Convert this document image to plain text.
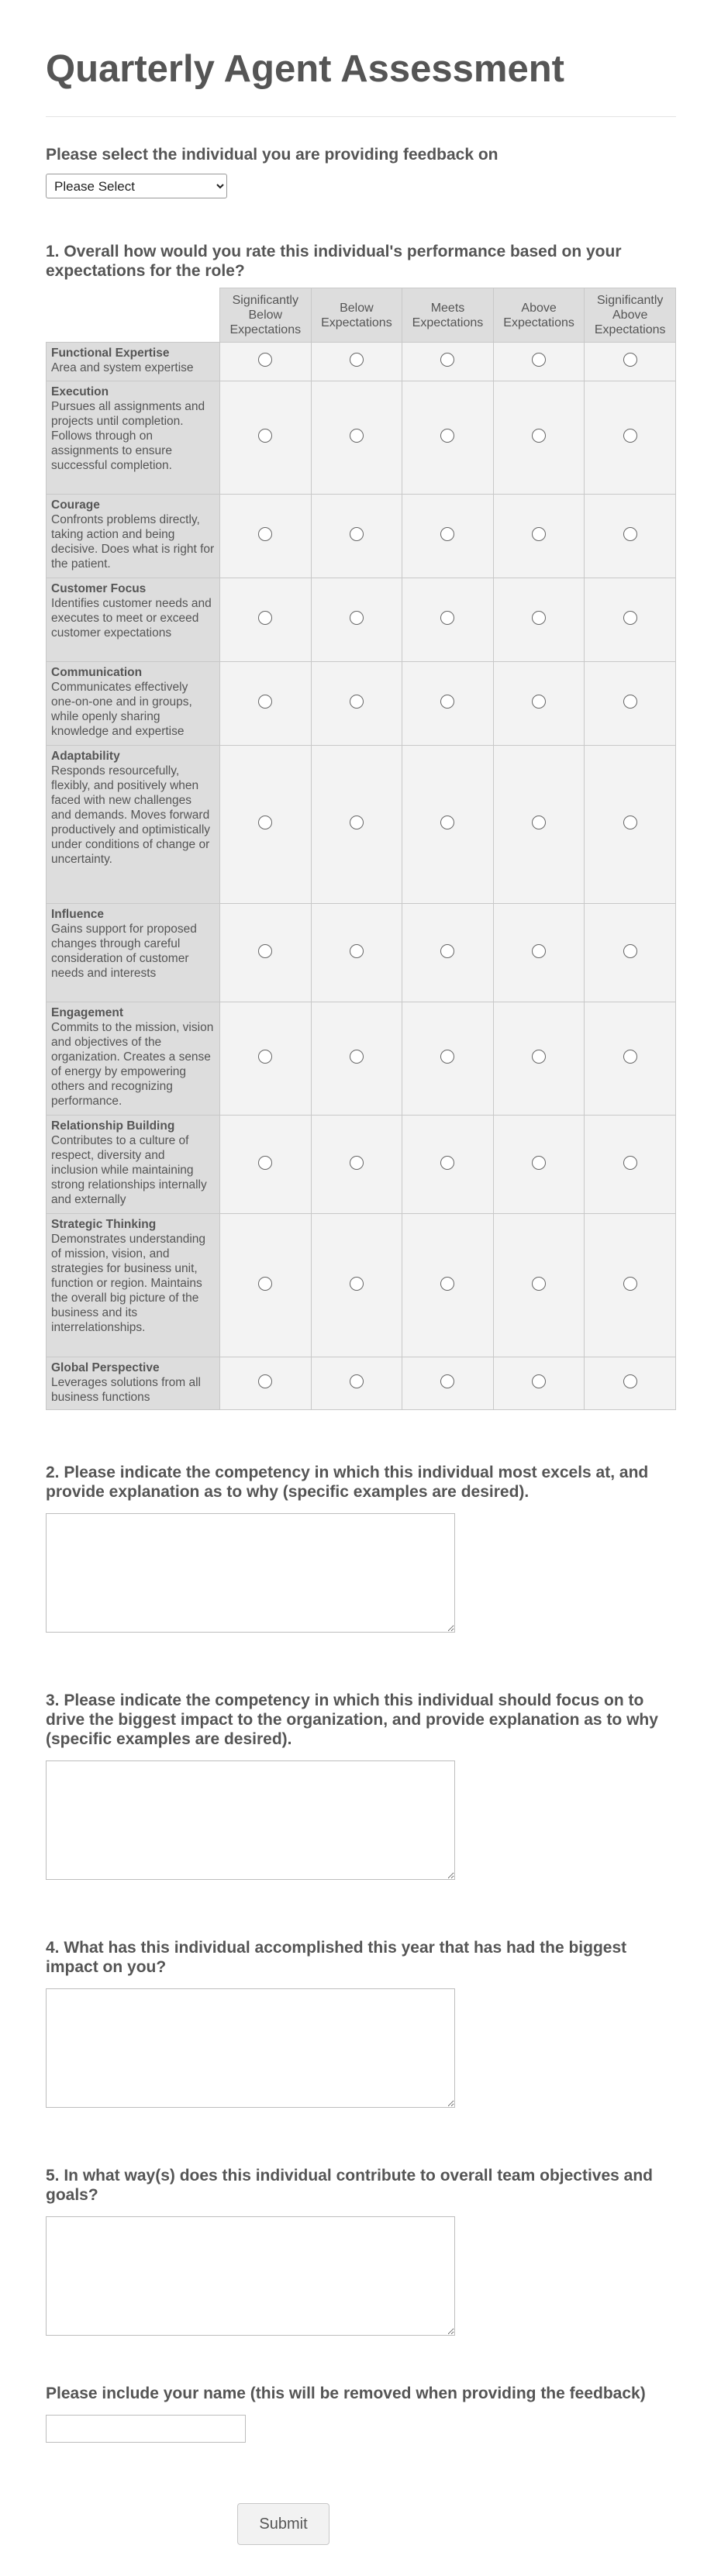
Quarterly Agent Assessment
Please select the individual you are providing feedback on
Please Select
1. Overall how would you rate this individual's performance based on your expectations for the role?
	Significantly Below Expectations	Below Expectations	Meets Expectations	Above Expectations	Significantly Above Expectations

Functional Expertise
Area and system expertise					

Execution
Pursues all assignments and projects until completion. Follows through on assignments to ensure successful completion.					

Courage
Confronts problems directly, taking action and being decisive. Does what is right for the patient.					

Customer Focus
Identifies customer needs and executes to meet or exceed customer expectations					

Communication
Communicates effectively one-on-one and in groups, while openly sharing knowledge and expertise					

Adaptability
Responds resourcefully, flexibly, and positively when faced with new challenges and demands. Moves forward productively and optimistically under conditions of change or uncertainty.					

Influence
Gains support for proposed changes through careful consideration of customer needs and interests					

Engagement
Commits to the mission, vision and objectives of the organization. Creates a sense of energy by empowering others and recognizing performance.					

Relationship Building
Contributes to a culture of respect, diversity and inclusion while maintaining strong relationships internally and externally					

Strategic Thinking
Demonstrates understanding of mission, vision, and strategies for business unit, function or region. Maintains the overall big picture of the business and its interrelationships.					

Global Perspective
Leverages solutions from all business functions					

2. Please indicate the competency in which this individual most excels at, and provide explanation as to why (specific examples are desired).
3. Please indicate the competency in which this individual should focus on to drive the biggest impact to the organization, and provide explanation as to why (specific examples are desired).
4. What has this individual accomplished this year that has had the biggest impact on you?
5. In what way(s) does this individual contribute to overall team objectives and goals?
Please include your name (this will be removed when providing the feedback)
Submit
